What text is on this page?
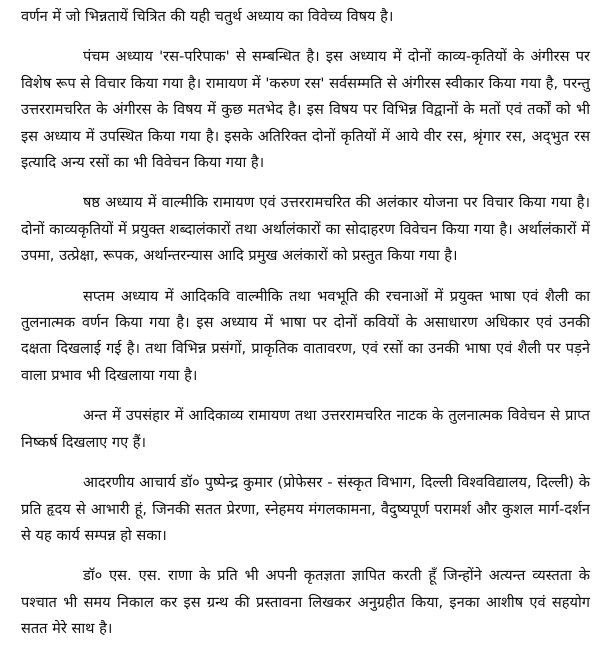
वर्णन में जो भिन्नतायें चित्रित की यही चतुर्थ अध्याय का विवेच्य विषय है।

पंचम अध्याय 'रस-परिपाक' से सम्बन्धित है। इस अध्याय में दोनों काव्य-कृतियों के अंगीरस पर विशेष रूप से विचार किया गया है। रामायण में 'करुण रस' सर्वसम्मति से अंगीरस स्वीकार किया गया है, परन्तु उत्तररामचरित के अंगीरस के विषय में कुछ मतभेद है। इस विषय पर विभिन्न विद्वानों के मतों एवं तर्कों को भी इस अध्याय में उपस्थित किया गया है। इसके अतिरिक्त दोनों कृतियों में आये वीर रस, श्रृंगार रस, अद्‌भुत रस इत्यादि अन्य रसों का भी विवेचन किया गया है।

षष्ठ अध्याय में वाल्मीकि रामायण एवं उत्तररामचरित की अलंकार योजना पर विचार किया गया है। दोनों काव्यकृतियों में प्रयुक्त शब्दालंकारों तथा अर्थालंकारों का सोदाहरण विवेचन किया गया है। अर्थालंकारों में उपमा, उत्प्रेक्षा, रूपक, अर्थान्तरन्यास आदि प्रमुख अलंकारों को प्रस्तुत किया गया है।

सप्तम अध्याय में आदिकवि वाल्मीकि तथा भवभूति की रचनाओं में प्रयुक्त भाषा एवं शैली का तुलनात्मक वर्णन किया गया है। इस अध्याय में भाषा पर दोनों कवियों के असाधारण अधिकार एवं उनकी दक्षता दिखलाई गई है। तथा विभिन्न प्रसंगों, प्राकृतिक वातावरण, एवं रसों का उनकी भाषा एवं शैली पर पड़ने वाला प्रभाव भी दिखलाया गया है।

अन्त में उपसंहार में आदिकाव्य रामायण तथा उत्तररामचरित नाटक के तुलनात्मक विवेचन से प्राप्त निष्कर्ष दिखलाए गए हैं।

आदरणीय आचार्य डॉ० पुष्पेन्द्र कुमार (प्रोफेसर - संस्कृत विभाग, दिल्ली विश्वविद्यालय, दिल्ली) के प्रति हृदय से आभारी हूं, जिनकी सतत प्रेरणा, स्नेहमय मंगलकामना, वैदुष्यपूर्ण परामर्श और कुशल मार्ग-दर्शन से यह कार्य सम्पन्न हो सका।

डॉ० एस. एस. राणा के प्रति भी अपनी कृतज्ञता ज्ञापित करती हूँ जिन्होंने अत्यन्त व्यस्तता के पश्चात भी समय निकाल कर इस ग्रन्थ की प्रस्तावना लिखकर अनुग्रहीत किया, इनका आशीष एवं सहयोग सतत मेरे साथ है।
